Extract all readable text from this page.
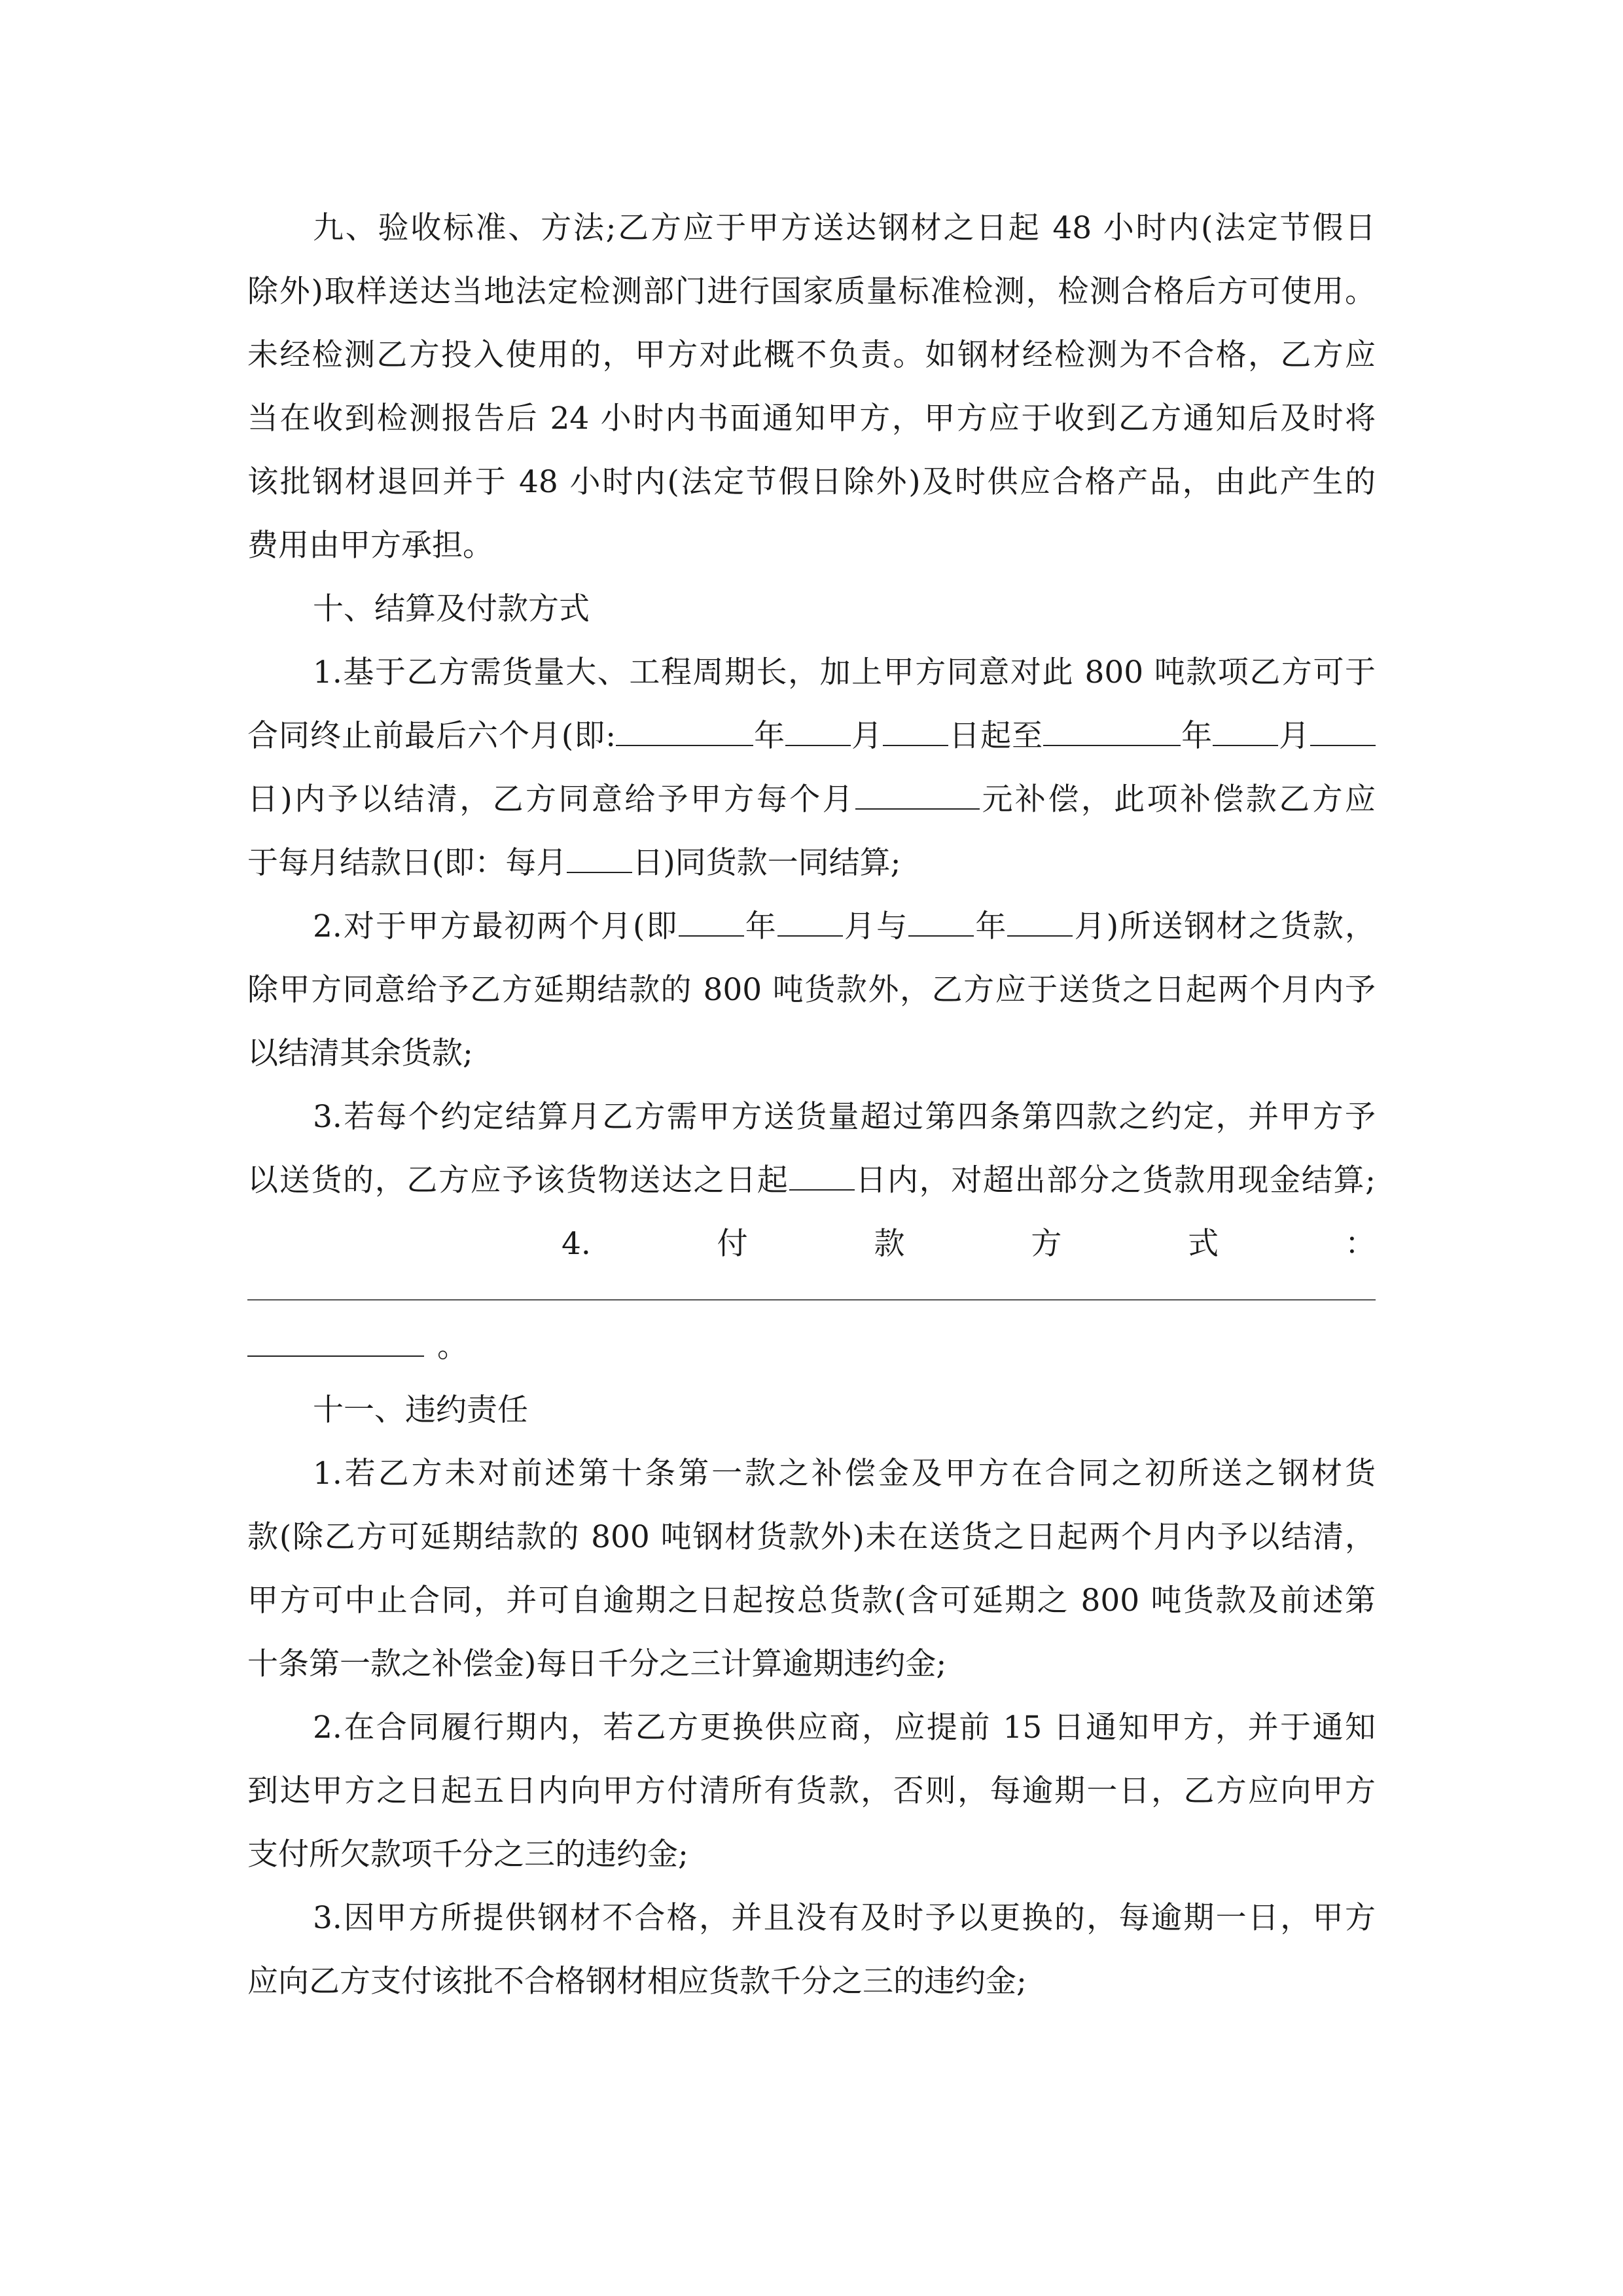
九、验收标准、方法;乙方应于甲方送达钢材之日起 48 小时内(法定节假日
除外)取样送达当地法定检测部门进行国家质量标准检测，检测合格后方可使用。
未经检测乙方投入使用的，甲方对此概不负责。如钢材经检测为不合格，乙方应
当在收到检测报告后 24 小时内书面通知甲方，甲方应于收到乙方通知后及时将
该批钢材退回并于 48 小时内(法定节假日除外)及时供应合格产品，由此产生的
费用由甲方承担。
十、结算及付款方式
1.基于乙方需货量大、工程周期长，加上甲方同意对此 800 吨款项乙方可于
合同终止前最后六个月(即:	年 月 日起至	年 月
日)内予以结清，乙方同意给予甲方每个月	元补偿，此项补偿款乙方应
于每月结款日(即：每月 日)同货款一同结算;
2.对于甲方最初两个月(即 年 月与 年 月)所送钢材之货款，
除甲方同意给予乙方延期结款的 800 吨货款外，乙方应于送货之日起两个月内予
以结清其余货款;
3.若每个约定结算月乙方需甲方送货量超过第四条第四款之约定，并甲方予
以送货的，乙方应予该货物送达之日起 日内，对超出部分之货款用现金结算;
4.	付	款	方	式	：
。
十一、违约责任
1.若乙方未对前述第十条第一款之补偿金及甲方在合同之初所送之钢材货
款(除乙方可延期结款的 800 吨钢材货款外)未在送货之日起两个月内予以结清，
甲方可中止合同，并可自逾期之日起按总货款(含可延期之 800 吨货款及前述第
十条第一款之补偿金)每日千分之三计算逾期违约金;
2.在合同履行期内，若乙方更换供应商，应提前 15 日通知甲方，并于通知
到达甲方之日起五日内向甲方付清所有货款，否则，每逾期一日，乙方应向甲方
支付所欠款项千分之三的违约金;
3.因甲方所提供钢材不合格，并且没有及时予以更换的，每逾期一日，甲方
应向乙方支付该批不合格钢材相应货款千分之三的违约金;
